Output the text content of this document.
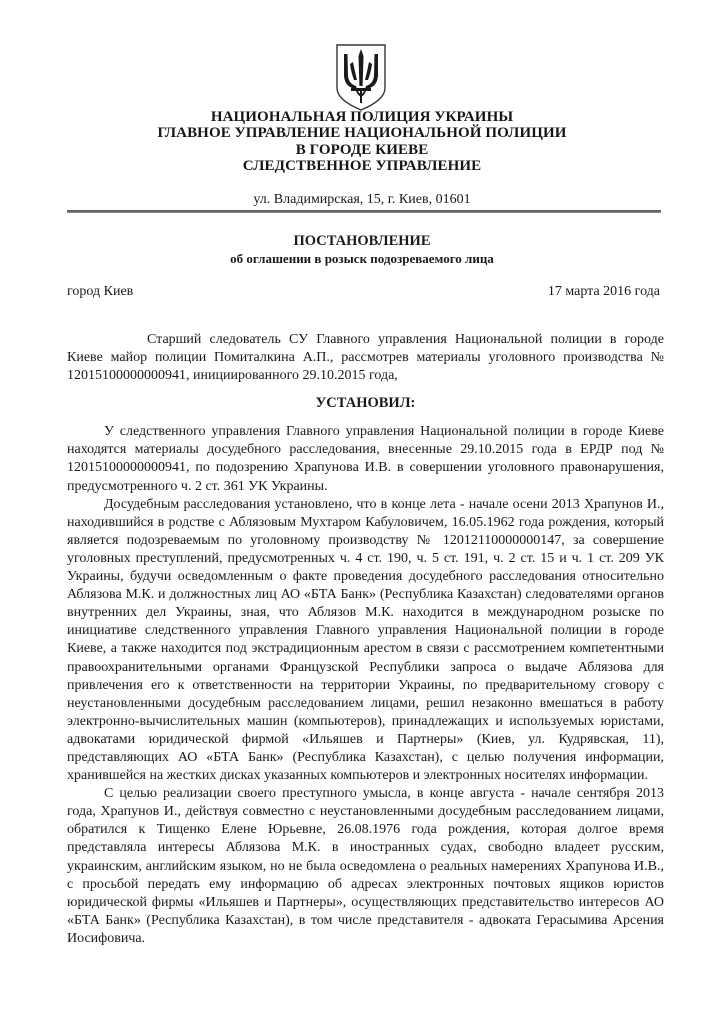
НАЦИОНАЛЬНАЯ ПОЛИЦИЯ УКРАИНЫ
ГЛАВНОЕ УПРАВЛЕНИЕ НАЦИОНАЛЬНОЙ ПОЛИЦИИ
В ГОРОДЕ КИЕВЕ
СЛЕДСТВЕННОЕ УПРАВЛЕНИЕ
ул. Владимирская, 15, г. Киев, 01601
ПОСТАНОВЛЕНИЕ
об оглашении в розыск подозреваемого лица
город Киев	17 марта 2016 года

Старший следователь СУ Главного управления Национальной полиции в городе Киеве майор полиции Помиталкина А.П., рассмотрев материалы уголовного производства № 12015100000000941, инициированного 29.10.2015 года,

УСТАНОВИЛ:

У следственного управления Главного управления Национальной полиции в городе Киеве находятся материалы досудебного расследования, внесенные 29.10.2015 года в ЕРДР под № 12015100000000941, по подозрению Храпунова И.В. в совершении уголовного правонарушения, предусмотренного ч. 2 ст. 361 УК Украины.

Досудебным расследования установлено, что в конце лета - начале осени 2013 Храпунов И., находившийся в родстве с Аблязовым Мухтаром Кабуловичем, 16.05.1962 года рождения, который является подозреваемым по уголовному производству № 12012110000000147, за совершение уголовных преступлений, предусмотренных ч. 4 ст. 190, ч. 5 ст. 191, ч. 2 ст. 15 и ч. 1 ст. 209 УК Украины, будучи осведомленным о факте проведения досудебного расследования относительно Аблязова М.К. и должностных лиц АО «БТА Банк» (Республика Казахстан) следователями органов внутренних дел Украины, зная, что Аблязов М.К. находится в международном розыске по инициативе следственного управления Главного управления Национальной полиции в городе Киеве, а также находится под экстрадиционным арестом в связи с рассмотрением компетентными правоохранительными органами Французской Республики запроса о выдаче Аблязова для привлечения его к ответственности на территории Украины, по предварительному сговору с неустановленными досудебным расследованием лицами, решил незаконно вмешаться в работу электронно-вычислительных машин (компьютеров), принадлежащих и используемых юристами, адвокатами юридической фирмой «Ильяшев и Партнеры» (Киев, ул. Кудрявская, 11), представляющих АО «БТА Банк» (Республика Казахстан), с целью получения информации, хранившейся на жестких дисках указанных компьютеров и электронных носителях информации.

С целью реализации своего преступного умысла, в конце августа - начале сентября 2013 года, Храпунов И., действуя совместно с неустановленными досудебным расследованием лицами, обратился к Тищенко Елене Юрьевне, 26.08.1976 года рождения, которая долгое время представляла интересы Аблязова М.К. в иностранных судах, свободно владеет русским, украинским, английским языком, но не была осведомлена о реальных намерениях Храпунова И.В., с просьбой передать ему информацию об адресах электронных почтовых ящиков юристов юридической фирмы «Ильяшев и Партнеры», осуществляющих представительство интересов АО «БТА Банк» (Республика Казахстан), в том числе представителя - адвоката Герасымива Арсения Иосифовича.
